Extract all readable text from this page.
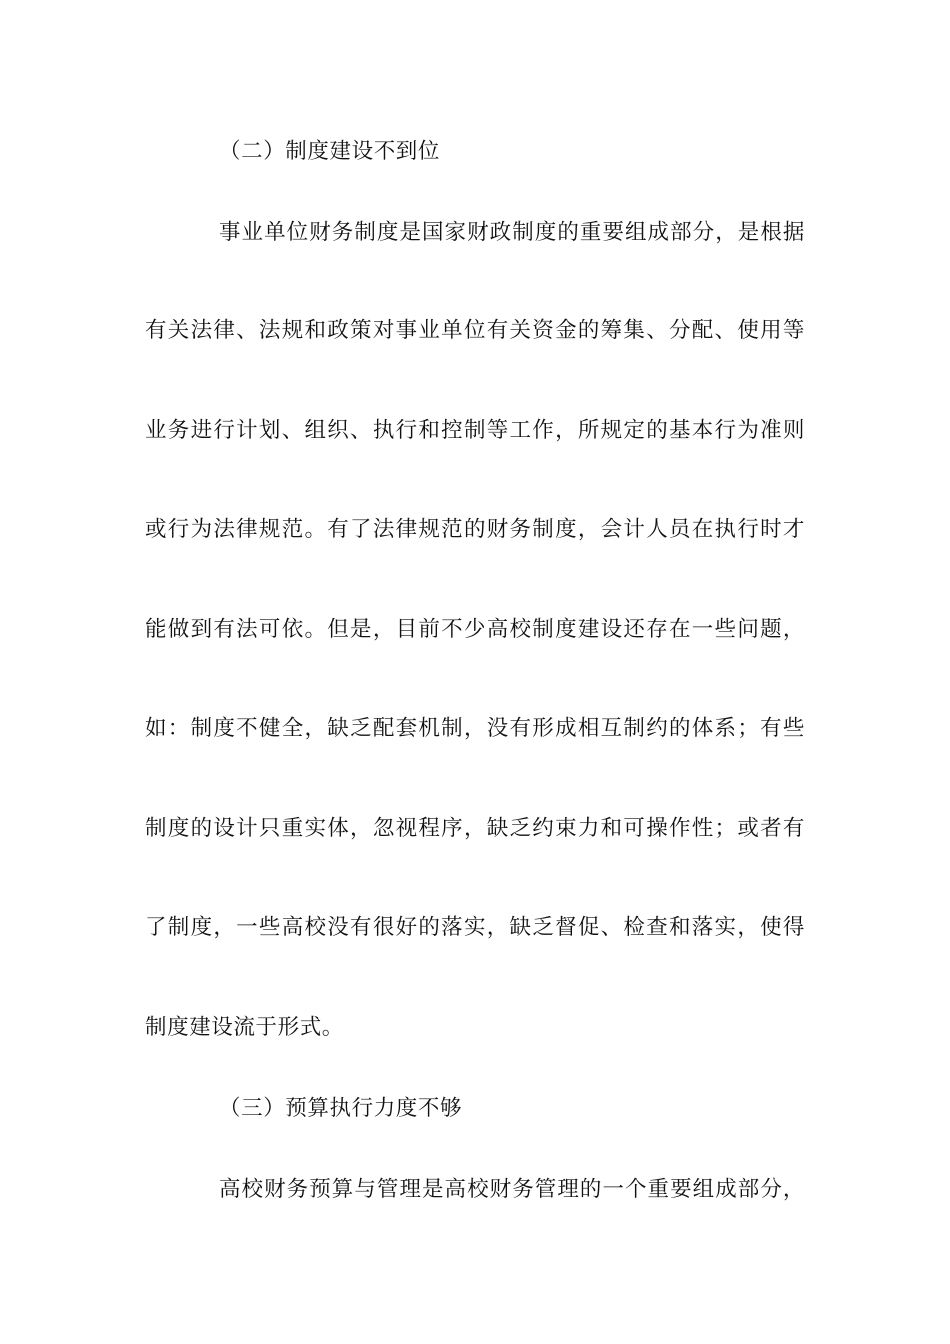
（二）制度建设不到位
事业单位财务制度是国家财政制度的重要组成部分，是根据
有关法律、法规和政策对事业单位有关资金的筹集、分配、使用等
业务进行计划、组织、执行和控制等工作，所规定的基本行为准则
或行为法律规范。有了法律规范的财务制度，会计人员在执行时才
能做到有法可依。但是，目前不少高校制度建设还存在一些问题，
如：制度不健全，缺乏配套机制，没有形成相互制约的体系；有些
制度的设计只重实体，忽视程序，缺乏约束力和可操作性；或者有
了制度，一些高校没有很好的落实，缺乏督促、检查和落实，使得
制度建设流于形式。
（三）预算执行力度不够
高校财务预算与管理是高校财务管理的一个重要组成部分，
